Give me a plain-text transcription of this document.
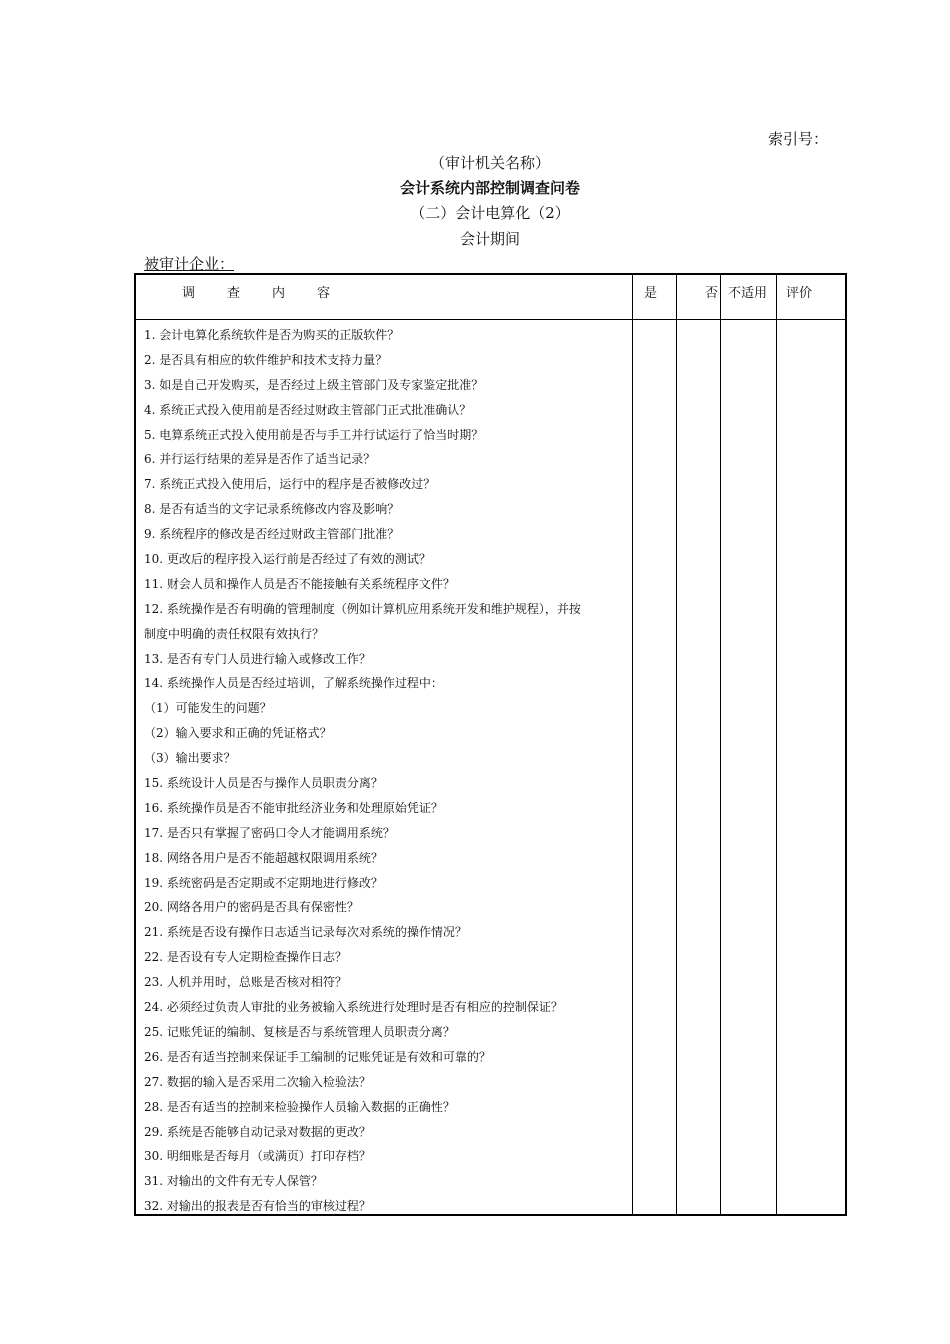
索引号：
（审计机关名称）
会计系统内部控制调查问卷
（二）会计电算化（2）
会计期间
被审计企业：
调　　查　　内　　容	是	否 不适用 评价
1. 会计电算化系统软件是否为购买的正版软件？
2. 是否具有相应的软件维护和技术支持力量？
3. 如是自己开发购买，是否经过上级主管部门及专家鉴定批准？
4. 系统正式投入使用前是否经过财政主管部门正式批准确认？
5. 电算系统正式投入使用前是否与手工并行试运行了恰当时期？
6. 并行运行结果的差异是否作了适当记录？
7. 系统正式投入使用后，运行中的程序是否被修改过？
8. 是否有适当的文字记录系统修改内容及影响？
9. 系统程序的修改是否经过财政主管部门批准？
10. 更改后的程序投入运行前是否经过了有效的测试？
11. 财会人员和操作人员是否不能接触有关系统程序文件？
12. 系统操作是否有明确的管理制度（例如计算机应用系统开发和维护规程），并按
制度中明确的责任权限有效执行？
13. 是否有专门人员进行输入或修改工作？
14. 系统操作人员是否经过培训，了解系统操作过程中：
（1）可能发生的问题？
（2）输入要求和正确的凭证格式？
（3）输出要求？
15. 系统设计人员是否与操作人员职责分离？
16. 系统操作员是否不能审批经济业务和处理原始凭证？
17. 是否只有掌握了密码口令人才能调用系统？
18. 网络各用户是否不能超越权限调用系统？
19. 系统密码是否定期或不定期地进行修改？
20. 网络各用户的密码是否具有保密性？
21. 系统是否设有操作日志适当记录每次对系统的操作情况？
22. 是否设有专人定期检查操作日志？
23. 人机并用时，总账是否核对相符？
24. 必须经过负责人审批的业务被输入系统进行处理时是否有相应的控制保证？
25. 记账凭证的编制、复核是否与系统管理人员职责分离？
26. 是否有适当控制来保证手工编制的记账凭证是有效和可靠的？
27. 数据的输入是否采用二次输入检验法？
28. 是否有适当的控制来检验操作人员输入数据的正确性？
29. 系统是否能够自动记录对数据的更改？
30. 明细账是否每月（或满页）打印存档？
31. 对输出的文件有无专人保管？
32. 对输出的报表是否有恰当的审核过程？
